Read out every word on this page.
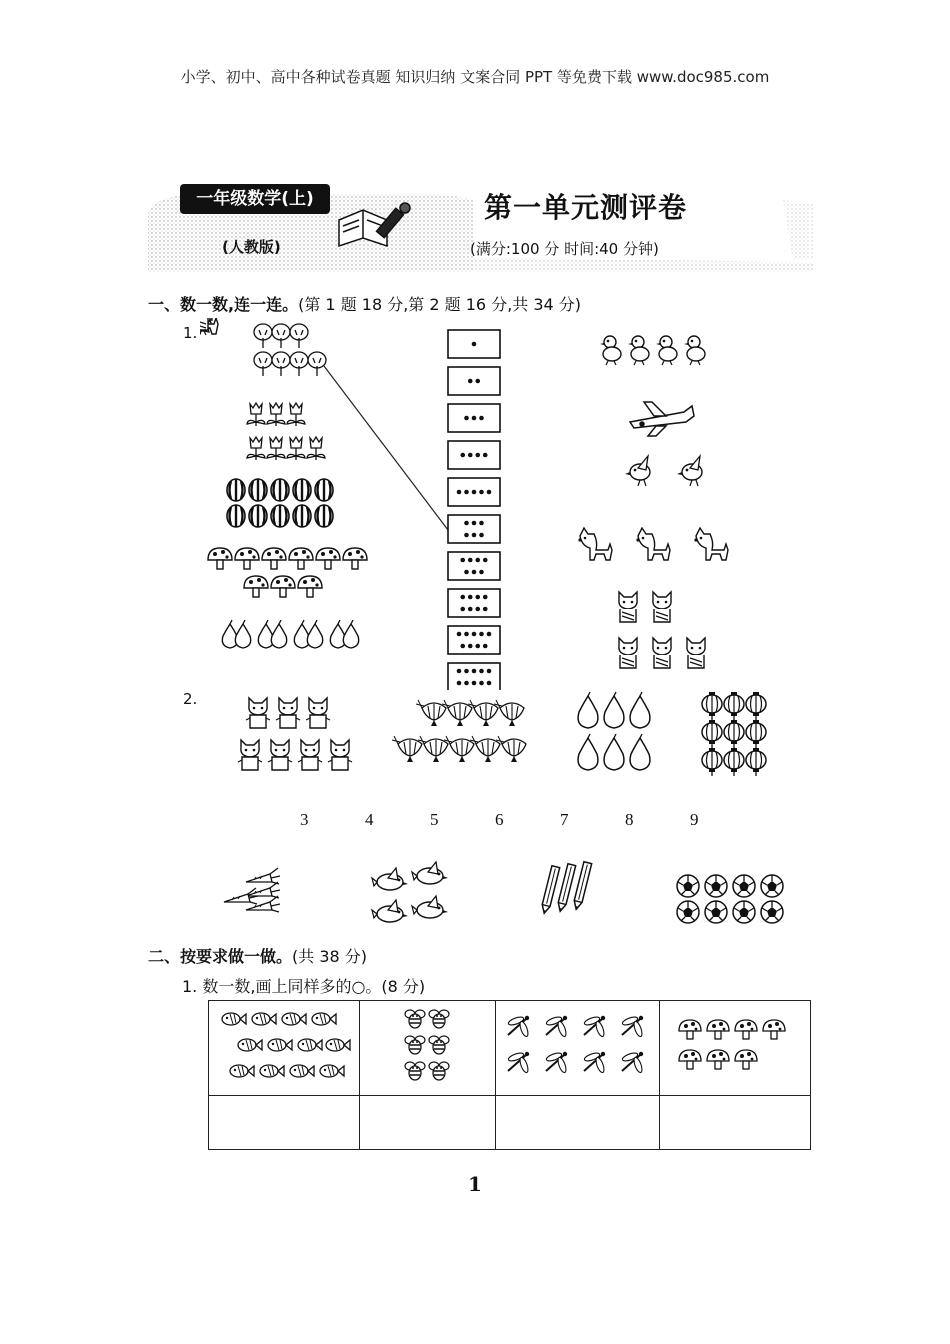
小学、初中、高中各种试卷真题 知识归纳 文案合同 PPT 等免费下载 www.doc985.com
一年级数学(上)
(人教版)
第一单元测评卷
(满分:100 分 时间:40 分钟)
一、数一数,连一连。(第 1 题 18 分,第 2 题 16 分,共 34 分)
1.
2.
3	4	5	6	7	8	9
二、按要求做一做。(共 38 分)
1. 数一数,画上同样多的○。(8 分)

1
